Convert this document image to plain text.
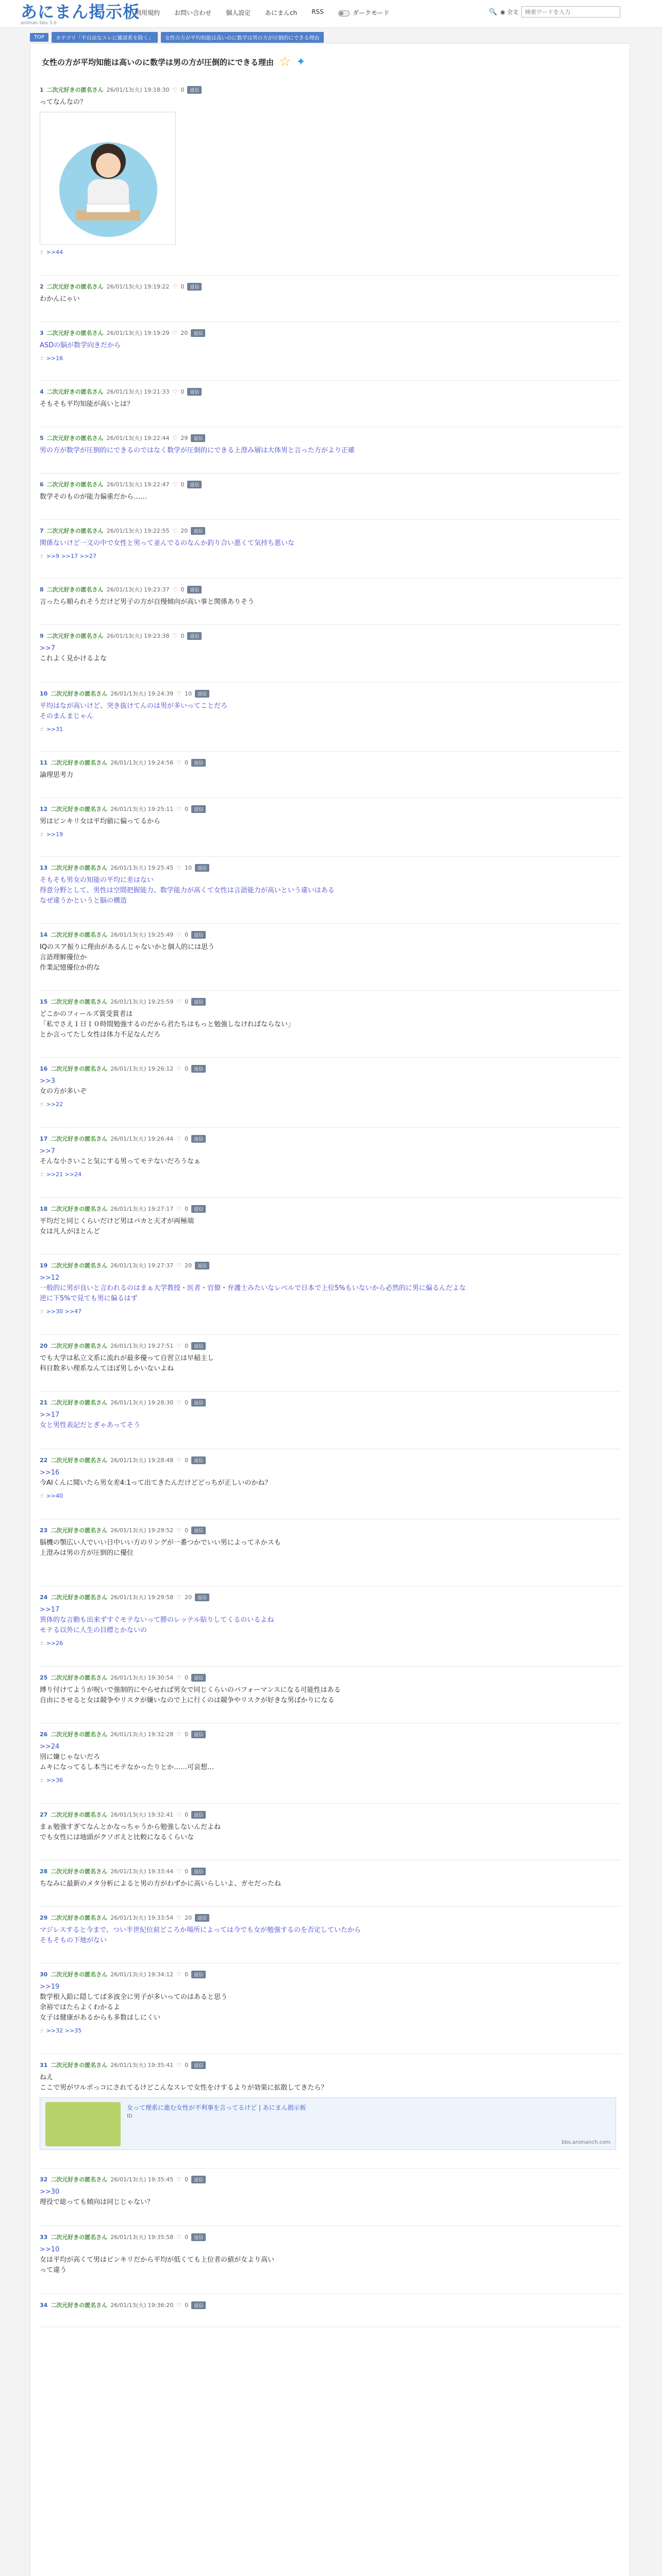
あにまん掲示板
animan bbs 3.0
利用規約 お問い合わせ 個人設定 あにまんch RSS	ダークモード	🔍 ◉ 全文
検索ワードを入力
TOP	カテゴリ「不自由なスレに雑談系を除く」	女性の方が平均知能は高いのに数学は男の方が圧倒的にできる理由
女性の方が平均知能は高いのに数学は男の方が圧倒的にできる理由 ☆ ✦
1 二次元好きの匿名さん 26/01/13(火) 19:18:30 ♡ 0	返信
ってなんなの？
☝ >>44
2 二次元好きの匿名さん 26/01/13(火) 19:19:22 ♡ 0	返信
わかんにゃい
3 二次元好きの匿名さん 26/01/13(火) 19:19:29 ♡ 20	返信
ASDの脳が数学向きだから
☝ >>16
4 二次元好きの匿名さん 26/01/13(火) 19:21:33 ♡ 0	返信
そもそも平均知能が高いとは？
5 二次元好きの匿名さん 26/01/13(火) 19:22:44 ♡ 29	返信
男の方が数学が圧倒的にできるのではなく数学が圧倒的にできる上澄み層は大体男と言った方がより正確
6 二次元好きの匿名さん 26/01/13(火) 19:22:47 ♡ 0	返信
数学そのものが能力偏重だから……
7 二次元好きの匿名さん 26/01/13(火) 19:22:55 ♡ 20	返信
関係ないけど一文の中で女性と男って並んでるのなんか釣り合い悪くて気持ち悪いな
☝ >>9 >>17 >>27
8 二次元好きの匿名さん 26/01/13(火) 19:23:37 ♡ 0	返信
言ったら順られそうだけど男子の方が自慢傾向が高い事と関係ありそう
9 二次元好きの匿名さん 26/01/13(火) 19:23:38 ♡ 0	返信
>>7
これよく見かけるよな
10 二次元好きの匿名さん 26/01/13(火) 19:24:39 ♡ 10	返信
平均はなが高いけど、突き抜けてんのは男が多いってことだろ
そのまんまじゃん
☝ >>31
11 二次元好きの匿名さん 26/01/13(火) 19:24:56 ♡ 0	返信
論理思考力
12 二次元好きの匿名さん 26/01/13(火) 19:25:11 ♡ 0	返信
男はピンキリ女は平均値に偏ってるから
☝ >>19
13 二次元好きの匿名さん 26/01/13(火) 19:25:45 ♡ 10	返信
そもそも男女の知能の平均に差はない
得意分野として、男性は空間把握能力、数学能力が高くて女性は言語能力が高いという違いはある
なぜ違うかというと脳の構造
14 二次元好きの匿名さん 26/01/13(火) 19:25:49 ♡ 0	返信
IQのスア振りに理由があるんじゃないかと個人的には思う
言語理解優位か
作業記憶優位か的な
15 二次元好きの匿名さん 26/01/13(火) 19:25:59 ♡ 0	返信
どこかのフィールズ賞受賞者は
「私でさえ１日１０時間勉強するのだから君たちはもっと勉強しなければならない」
とか言ってたし女性は体力不足なんだろ
16 二次元好きの匿名さん 26/01/13(火) 19:26:12 ♡ 0	返信
>>3
女の方が多いぞ
☝ >>22
17 二次元好きの匿名さん 26/01/13(火) 19:26:44 ♡ 0	返信
>>7
そんな小さいこと気にする男ってモテないだろうなぁ
☝ >>21 >>24
18 二次元好きの匿名さん 26/01/13(火) 19:27:17 ♡ 0	返信
平均だと同じくらいだけど男はバカと天才が両極端
女は凡人がほとんど
19 二次元好きの匿名さん 26/01/13(火) 19:27:37 ♡ 20	返信
>>12
一般的に男が良いと言われるのはまぁ大学教授・医者・官僚・弁護士みたいなレベルで日本で上位5%もいないから必然的に男に偏るんだよな
逆に下5%で見ても男に偏るはず
☝ >>30 >>47
20 二次元好きの匿名さん 26/01/13(火) 19:27:51 ♡ 0	返信
でも大学は私立文系に流れが最多優って自習立は早稲主し
科目数多い理系なんてほぼ男しかいないよね
21 二次元好きの匿名さん 26/01/13(火) 19:28:30 ♡ 0	返信
>>17
女と男性表記だとぎゃあってそう
22 二次元好きの匿名さん 26/01/13(火) 19:28:48 ♡ 0	返信
>>16
今AIくんに聞いたら男女差4:1って出てきたんだけどどっちが正しいのかね？
☝ >>40
23 二次元好きの匿名さん 26/01/13(火) 19:29:52 ♡ 0	返信
脳機の顎広い人でいい日中いい方のリングが一番つかでいい男によってネかスも
上澄みは男の方が圧倒的に優位

24 二次元好きの匿名さん 26/01/13(火) 19:29:58 ♡ 20	返信
>>17
異体的な言動も出来ずすぐモテないって勝のレッテル貼りしてくるのいるよね
モテる以外に人生の目標とかないの
☝ >>26
25 二次元好きの匿名さん 26/01/13(火) 19:30:54 ♡ 0	返信
縛り付けてようが呪いで強制的にやらせれば男女で同じくらいのパフォーマンスになる可能性はある
自由にさせると女は競争やリスクが嫌いなので上に行くのは競争やリスクが好きな男ばかりになる
26 二次元好きの匿名さん 26/01/13(火) 19:32:28 ♡ 0	返信
>>24
別に嫌じゃないだろ
ムキになってるし本当にモテなかったりとか……可哀想…
☝ >>36
27 二次元好きの匿名さん 26/01/13(火) 19:32:41 ♡ 0	返信
まぁ勉強すぎてなんとかなっちゃうから勉強しないんだよね
でも女性には地頭がクソボえと比較になるくらいな
28 二次元好きの匿名さん 26/01/13(火) 19:33:44 ♡ 0	返信
ちなみに最新のメタ分析によると男の方がわずかに高いらしいよ、ガセだったね
29 二次元好きの匿名さん 26/01/13(火) 19:33:54 ♡ 20	返信
マジレスすると今まで、つい半世紀位前どころか場所によっては今でも女が勉強するのを否定していたから
そもそもの下地がない
30 二次元好きの匿名さん 26/01/13(火) 19:34:12 ♡ 0	返信
>>19
数学根入鉛に隠してば多波全に男子が多いってのはあると思う
余裕ではたらよくわかるよ
女子は健康があるからも多数はしにくい
☝ >>32 >>35
31 二次元好きの匿名さん 26/01/13(火) 19:35:41 ♡ 0	返信
ねえ
ここで男がワルポっコにされてるけどこんなスレで女性をけするよりが効果に拡散してきたら？
女って理系に進む女性が不利事を言ってるけど | あにまん掲示板
ID
bbs.animanch.com
32 二次元好きの匿名さん 26/01/13(火) 19:35:45 ♡ 0	返信
>>30
理役で総っても傾向は同じじゃない？
33 二次元好きの匿名さん 26/01/13(火) 19:35:58 ♡ 0	返信
>>10
女は平均が高くて男はピンキリだから平均が低くても上位者の値が女より高い
って違う
34 二次元好きの匿名さん 26/01/13(火) 19:36:20 ♡ 0	返信
